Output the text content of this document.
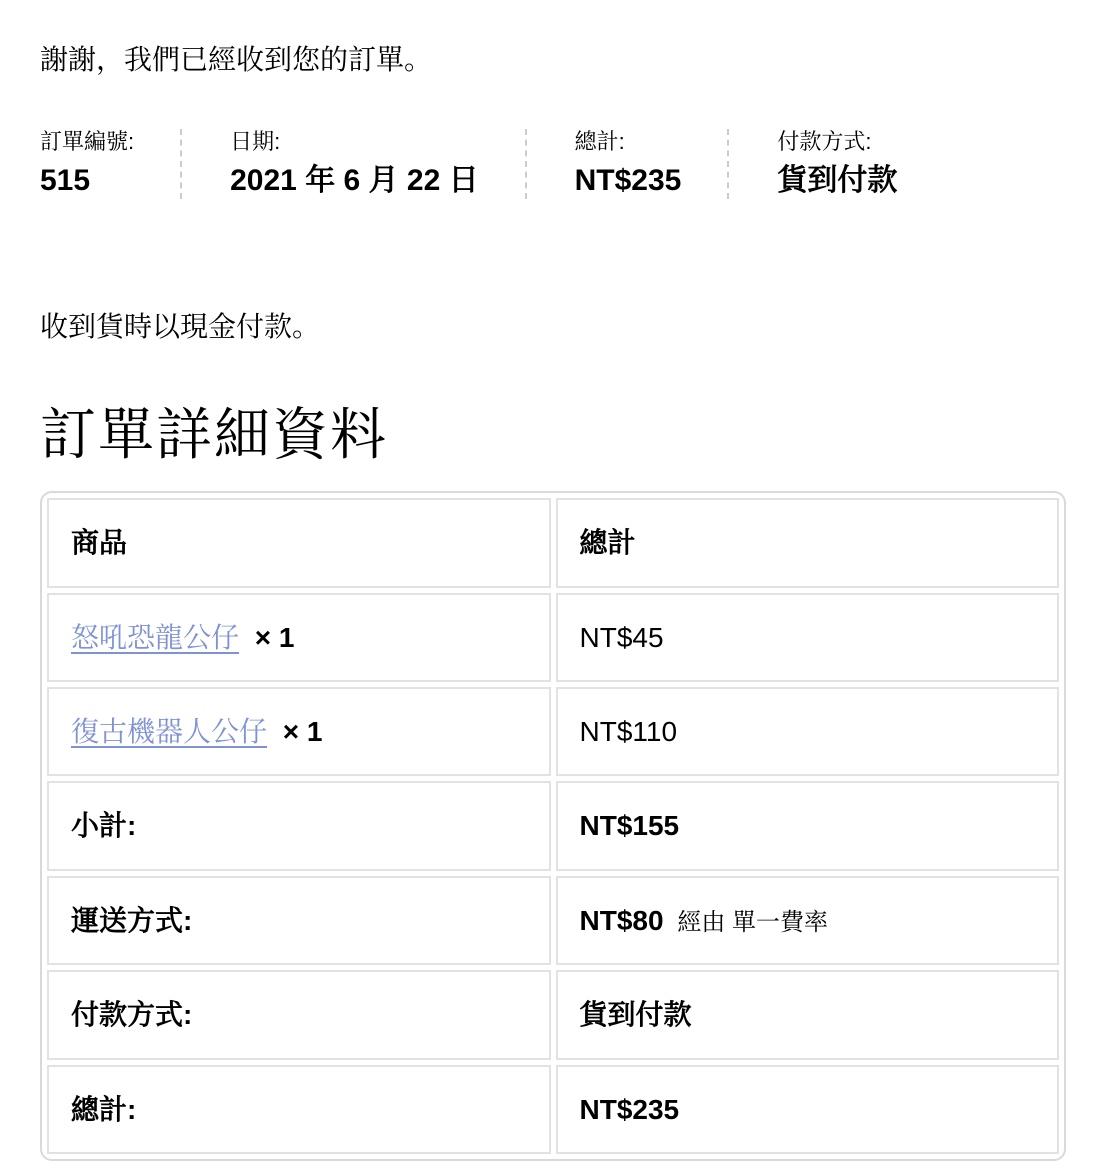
謝謝，我們已經收到您的訂單。

訂單編號:
515
日期:
2021 年 6 月 22 日
總計:
NT$235
付款方式:
貨到付款

收到貨時以現金付款。

訂單詳細資料
商品	總計
怒吼恐龍公仔 × 1	NT$45
復古機器人公仔 × 1	NT$110
小計:	NT$155
運送方式:	NT$80 經由 單一費率
付款方式:	貨到付款
總計:	NT$235
